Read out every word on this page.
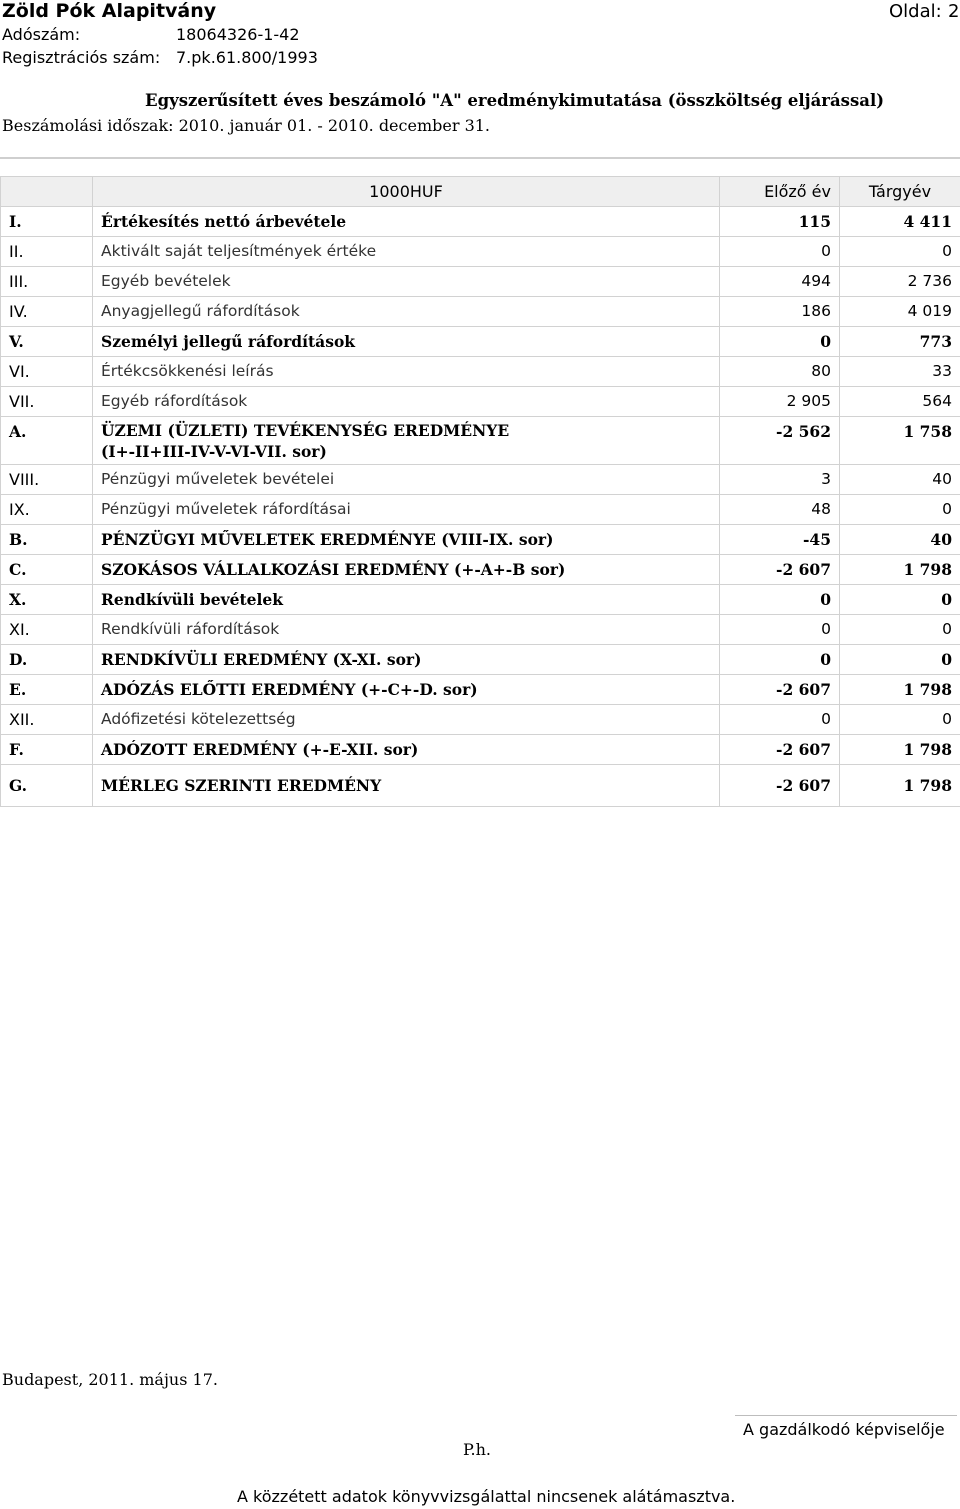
Zöld Pók Alapitvány	Oldal: 2
Adószám:	18064326-1-42
Regisztrációs szám: 7.pk.61.800/1993
Egyszerűsített éves beszámoló "A" eredménykimutatása (összköltség eljárással)
Beszámolási időszak: 2010. január 01. - 2010. december 31.
	1000HUF	Előző év	Tárgyév
I.	Értékesítés nettó árbevétele	115	4 411
II.	Aktivált saját teljesítmények értéke	0	0
III.	Egyéb bevételek	494	2 736
IV.	Anyagjellegű ráfordítások	186	4 019
V.	Személyi jellegű ráfordítások	0	773
VI.	Értékcsökkenési leírás	80	33
VII.	Egyéb ráfordítások	2 905	564
A.	ÜZEMI (ÜZLETI) TEVÉKENYSÉG EREDMÉNYE
(I+-II+III-IV-V-VI-VII. sor)	-2 562	1 758
VIII.	Pénzügyi műveletek bevételei	3	40
IX.	Pénzügyi műveletek ráfordításai	48	0
B.	PÉNZÜGYI MŰVELETEK EREDMÉNYE (VIII-IX. sor)	-45	40
C.	SZOKÁSOS VÁLLALKOZÁSI EREDMÉNY (+-A+-B sor)	-2 607	1 798
X.	Rendkívüli bevételek	0	0
XI.	Rendkívüli ráfordítások	0	0
D.	RENDKÍVÜLI EREDMÉNY (X-XI. sor)	0	0
E.	ADÓZÁS ELŐTTI EREDMÉNY (+-C+-D. sor)	-2 607	1 798
XII.	Adófizetési kötelezettség	0	0
F.	ADÓZOTT EREDMÉNY (+-E-XII. sor)	-2 607	1 798
G.	MÉRLEG SZERINTI EREDMÉNY	-2 607	1 798
Budapest, 2011. május 17.
A gazdálkodó képviselője
P.h.
A közzétett adatok könyvvizsgálattal nincsenek alátámasztva.
